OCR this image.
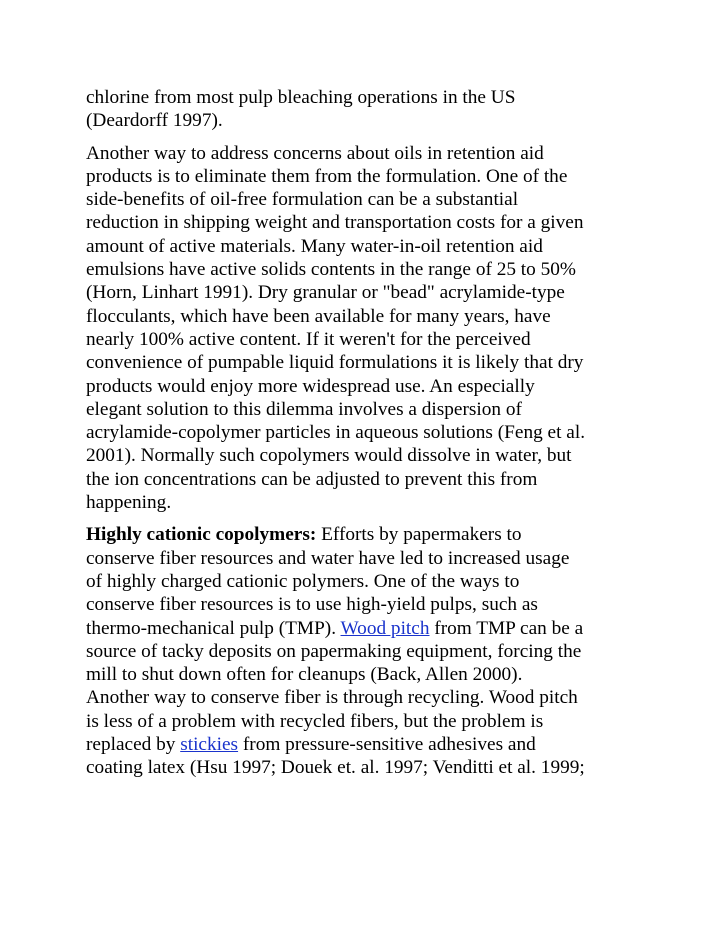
chlorine from most pulp bleaching operations in the US
(Deardorff 1997).

Another way to address concerns about oils in retention aid
products is to eliminate them from the formulation. One of the
side-benefits of oil-free formulation can be a substantial
reduction in shipping weight and transportation costs for a given
amount of active materials. Many water-in-oil retention aid
emulsions have active solids contents in the range of 25 to 50%
(Horn, Linhart 1991). Dry granular or "bead" acrylamide-type
flocculants, which have been available for many years, have
nearly 100% active content. If it weren't for the perceived
convenience of pumpable liquid formulations it is likely that dry
products would enjoy more widespread use. An especially
elegant solution to this dilemma involves a dispersion of
acrylamide-copolymer particles in aqueous solutions (Feng et al.
2001). Normally such copolymers would dissolve in water, but
the ion concentrations can be adjusted to prevent this from
happening.

Highly cationic copolymers: Efforts by papermakers to
conserve fiber resources and water have led to increased usage
of highly charged cationic polymers. One of the ways to
conserve fiber resources is to use high-yield pulps, such as
thermo-mechanical pulp (TMP). Wood pitch from TMP can be a
source of tacky deposits on papermaking equipment, forcing the
mill to shut down often for cleanups (Back, Allen 2000).
Another way to conserve fiber is through recycling. Wood pitch
is less of a problem with recycled fibers, but the problem is
replaced by stickies from pressure-sensitive adhesives and
coating latex (Hsu 1997; Douek et. al. 1997; Venditti et al. 1999;
